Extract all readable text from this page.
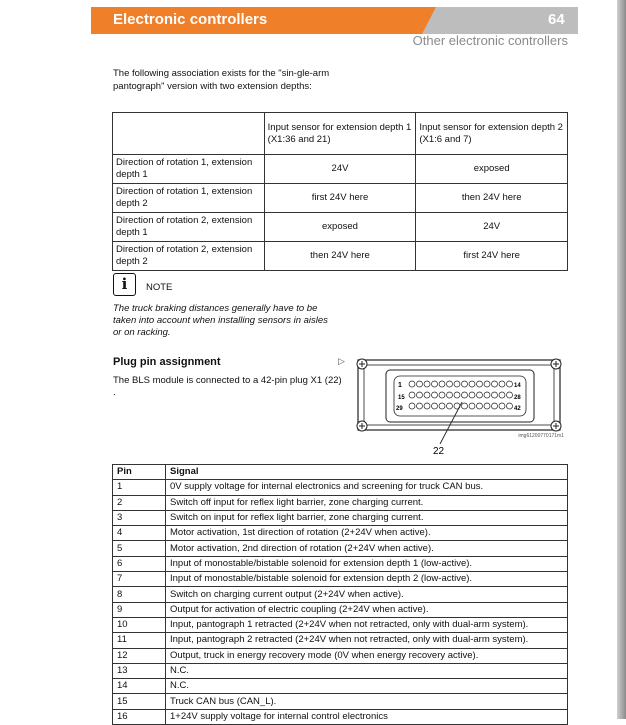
Electronic controllers	64
Other electronic controllers
The following association exists for the "sin-gle-arm pantograph" version with two extension depths:
	Input sensor for extension depth 1 (X1:36 and 21)	Input sensor for extension depth 2 (X1:6 and 7)
Direction of rotation 1, extension depth 1	24V	exposed
Direction of rotation 1, extension depth 2	first 24V here	then 24V here
Direction of rotation 2, extension depth 1	exposed	24V
Direction of rotation 2, extension depth 2	then 24V here	first 24V here
i	NOTE
The truck braking distances generally have to be taken into account when installing sensors in aisles or on racking.
Plug pin assignment	▷
The BLS module is connected to a 42-pin plug X1 (22) .
1	14
15	28
29	42
22
img61200770171m1
Pin	Signal
1	0V supply voltage for internal electronics and screening for truck CAN bus.
2	Switch off input for reflex light barrier, zone charging current.
3	Switch on input for reflex light barrier, zone charging current.
4	Motor activation, 1st direction of rotation (2+24V when active).
5	Motor activation, 2nd direction of rotation (2+24V when active).
6	Input of monostable/bistable solenoid for extension depth 1 (low-active).
7	Input of monostable/bistable solenoid for extension depth 2 (low-active).
8	Switch on charging current output (2+24V when active).
9	Output for activation of electric coupling (2+24V when active).
10	Input, pantograph 1 retracted (2+24V when not retracted, only with dual-arm system).
11	Input, pantograph 2 retracted (2+24V when not retracted, only with dual-arm system).
12	Output, truck in energy recovery mode (0V when energy recovery active).
13	N.C.
14	N.C.
15	Truck CAN bus (CAN_L).
16	1+24V supply voltage for internal control electronics
